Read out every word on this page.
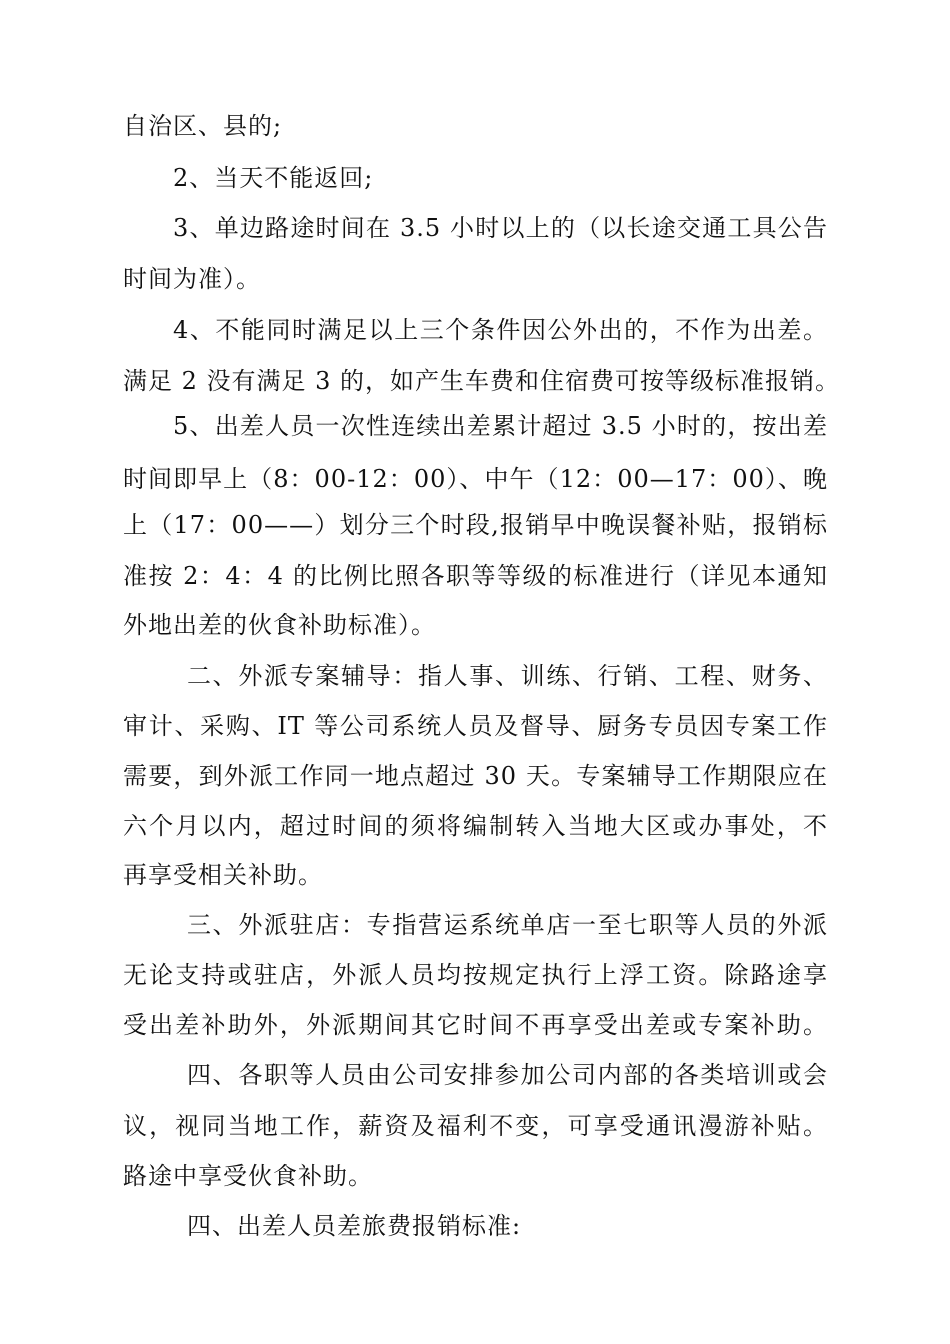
自治区、县的;
2、当天不能返回;
3、单边路途时间在 3.5 小时以上的（以长途交通工具公告
时间为准）。
4、不能同时满足以上三个条件因公外出的，不作为出差。
满足 2 没有满足 3 的，如产生车费和住宿费可按等级标准报销。
5、出差人员一次性连续出差累计超过 3.5 小时的，按出差
时间即早上（8：00-12：00）、中午（12：00—17：00）、晚
上（17：00——）划分三个时段,报销早中晚误餐补贴，报销标
准按 2：4：4 的比例比照各职等等级的标准进行（详见本通知
外地出差的伙食补助标准）。
二、外派专案辅导：指人事、训练、行销、工程、财务、
审计、采购、IT 等公司系统人员及督导、厨务专员因专案工作
需要，到外派工作同一地点超过 30 天。专案辅导工作期限应在
六个月以内，超过时间的须将编制转入当地大区或办事处，不
再享受相关补助。
三、外派驻店：专指营运系统单店一至七职等人员的外派
无论支持或驻店，外派人员均按规定执行上浮工资。除路途享
受出差补助外，外派期间其它时间不再享受出差或专案补助。
四、各职等人员由公司安排参加公司内部的各类培训或会
议，视同当地工作，薪资及福利不变，可享受通讯漫游补贴。
路途中享受伙食补助。
四、出差人员差旅费报销标准:
